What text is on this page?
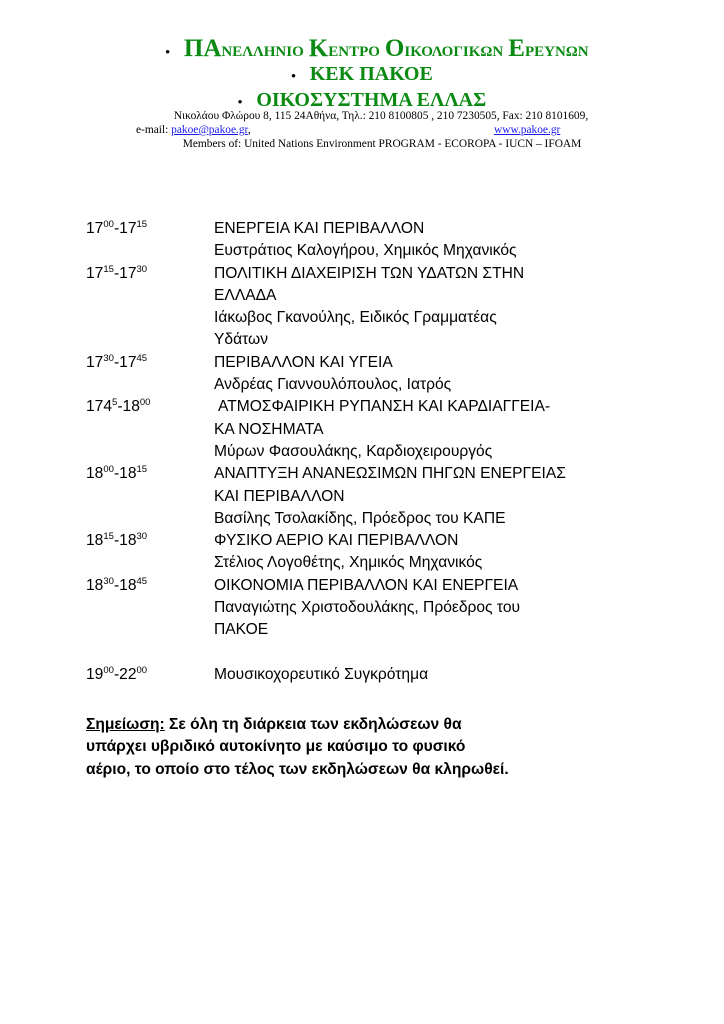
• ΠΑΝΕΛΛΗΝΙΟ ΚΕΝΤΡΟ ΟΙΚΟΛΟΓΙΚΩΝ ΕΡΕΥΝΩΝ
• ΚΕΚ ΠΑΚΟΕ
• ΟΙΚΟΣΥΣΤΗΜΑ ΕΛΛΑΣ
Νικολάου Φλώρου 8, 115 24Αθήνα, Τηλ.: 210 8100805 , 210 7230505, Fax: 210 8101609,
e-mail: pakoe@pakoe.gr,	www.pakoe.gr
Members of: United Nations Environment PROGRAM - ECOROPA - IUCN – IFOAM
$17^{00}-17^{15}$	ΕΝΕΡΓΕΙΑ ΚΑΙ ΠΕΡΙΒΑΛΛΟΝ
Ευστράτιος Καλογήρου, Χημικός Μηχανικός
$17^{15}-17^{30}$	ΠΟΛΙΤΙΚΗ ΔΙΑΧΕΙΡΙΣΗ ΤΩΝ ΥΔΑΤΩΝ ΣΤΗΝ
ΕΛΛΑΔΑ
Ιάκωβος Γκανούλης, Ειδικός Γραμματέας
Υδάτων
$17^{30}-17^{45}$	ΠΕΡΙΒΑΛΛΟΝ ΚΑΙ ΥΓΕΙΑ
Ανδρέας Γιαννουλόπουλος, Ιατρός
$174^5-18^{00}$	ΑΤΜΟΣΦΑΙΡΙΚΗ ΡΥΠΑΝΣΗ ΚΑΙ ΚΑΡΔΙΑΓΓΕΙΑ-
ΚΑ ΝΟΣΗΜΑΤΑ
Μύρων Φασουλάκης, Καρδιοχειρουργός
$18^{00}-18^{15}$	ΑΝΑΠΤΥΞΗ ΑΝΑΝΕΩΣΙΜΩΝ ΠΗΓΩΝ ΕΝΕΡΓΕΙΑΣ
ΚΑΙ ΠΕΡΙΒΑΛΛΟΝ
Βασίλης Τσολακίδης, Πρόεδρος του ΚΑΠΕ
$18^{15}-18^{30}$	ΦΥΣΙΚΟ ΑΕΡΙΟ ΚΑΙ ΠΕΡΙΒΑΛΛΟΝ
Στέλιος Λογοθέτης, Χημικός Μηχανικός
$18^{30}-18^{45}$	ΟΙΚΟΝΟΜΙΑ ΠΕΡΙΒΑΛΛΟΝ ΚΑΙ ΕΝΕΡΓΕΙΑ
Παναγιώτης Χριστοδουλάκης, Πρόεδρος του
ΠΑΚΟΕ
$19^{00}-22^{00}$	Μουσικοχορευτικό Συγκρότημα
Σημείωση: Σε όλη τη διάρκεια των εκδηλώσεων θα
υπάρχει υβριδικό αυτοκίνητο με καύσιμο το φυσικό
αέριο, το οποίο στο τέλος των εκδηλώσεων θα κληρωθεί.
